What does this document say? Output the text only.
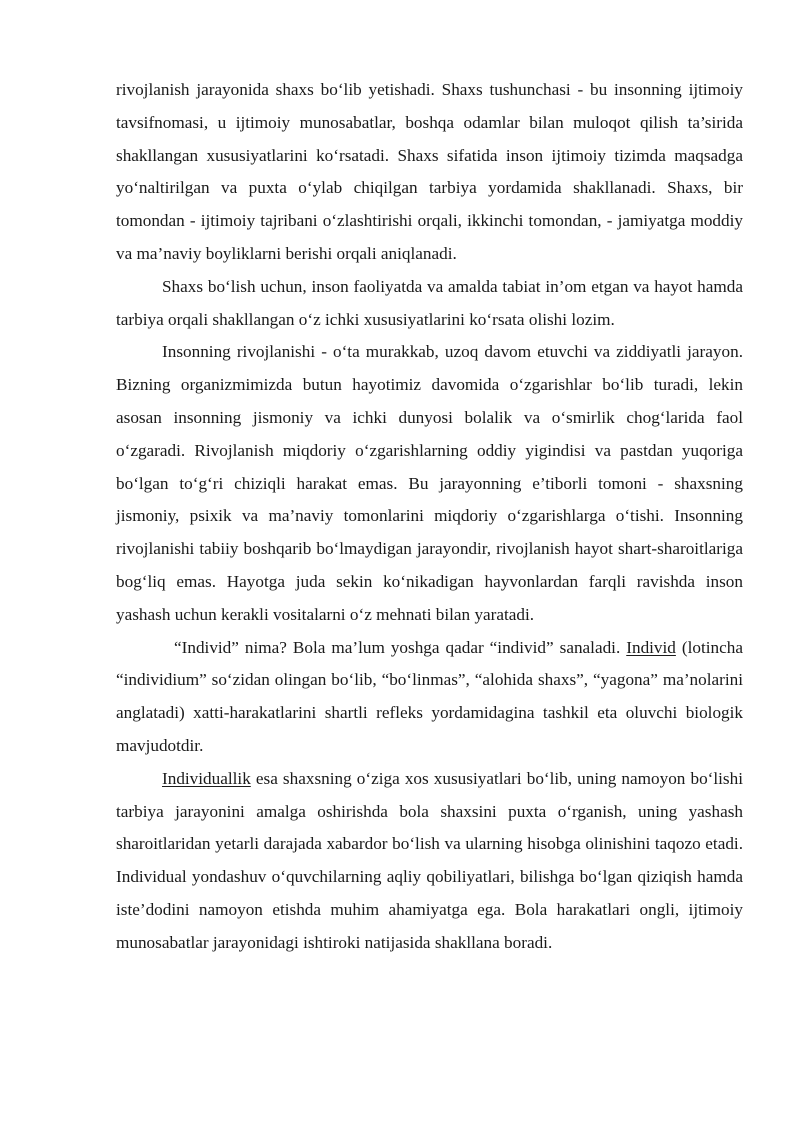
rivojlanish jarayonida shaxs bo‘lib yetishadi. Shaxs tushunchasi - bu insonning ijtimoiy tavsifnomasi, u ijtimoiy munosabatlar, boshqa odamlar bilan muloqot qilish ta’sirida shakllangan xususiyatlarini ko‘rsatadi. Shaxs sifatida inson ijtimoiy tizimda maqsadga yo‘naltirilgan va puxta o‘ylab chiqilgan tarbiya yordamida shakllanadi. Shaxs, bir tomondan - ijtimoiy tajribani o‘zlashtirishi orqali, ikkinchi tomondan, - jamiyatga moddiy va ma’naviy boyliklarni berishi orqali aniqlanadi.

Shaxs bo‘lish uchun, inson faoliyatda va amalda tabiat in’om etgan va hayot hamda tarbiya orqali shakllangan o‘z ichki xususiyatlarini ko‘rsata olishi lozim.

Insonning rivojlanishi - o‘ta murakkab, uzoq davom etuvchi va ziddiyatli jarayon. Bizning organizmimizda butun hayotimiz davomida o‘zgarishlar bo‘lib turadi, lekin asosan insonning jismoniy va ichki dunyosi bolalik va o‘smirlik chog‘larida faol o‘zgaradi. Rivojlanish miqdoriy o‘zgarishlarning oddiy yigindisi va pastdan yuqoriga bo‘lgan to‘g‘ri chiziqli harakat emas. Bu jarayonning e’tiborli tomoni - shaxsning jismoniy, psixik va ma’naviy tomonlarini miqdoriy o‘zgarishlarga o‘tishi. Insonning rivojlanishi tabiiy boshqarib bo‘lmaydigan jarayondir, rivojlanish hayot shart-sharoitlariga bog‘liq emas. Hayotga juda sekin ko‘nikadigan hayvonlardan farqli ravishda inson yashash uchun kerakli vositalarni o‘z mehnati bilan yaratadi.

“Individ” nima? Bola ma’lum yoshga qadar “individ” sanaladi. Individ (lotincha “individium” so‘zidan olingan bo‘lib, “bo‘linmas”, “alohida shaxs”, “yagona” ma’nolarini anglatadi) xatti-harakatlarini shartli refleks yordamidagina tashkil eta oluvchi biologik mavjudotdir.

Individuallik esa shaxsning o‘ziga xos xususiyatlari bo‘lib, uning namoyon bo‘lishi tarbiya jarayonini amalga oshirishda bola shaxsini puxta o‘rganish, uning yashash sharoitlaridan yetarli darajada xabardor bo‘lish va ularning hisobga olinishini taqozo etadi. Individual yondashuv o‘quvchilarning aqliy qobiliyatlari, bilishga bo‘lgan qiziqish hamda iste’dodini namoyon etishda muhim ahamiyatga ega. Bola harakatlari ongli, ijtimoiy munosabatlar jarayonidagi ishtiroki natijasida shakllana boradi.
